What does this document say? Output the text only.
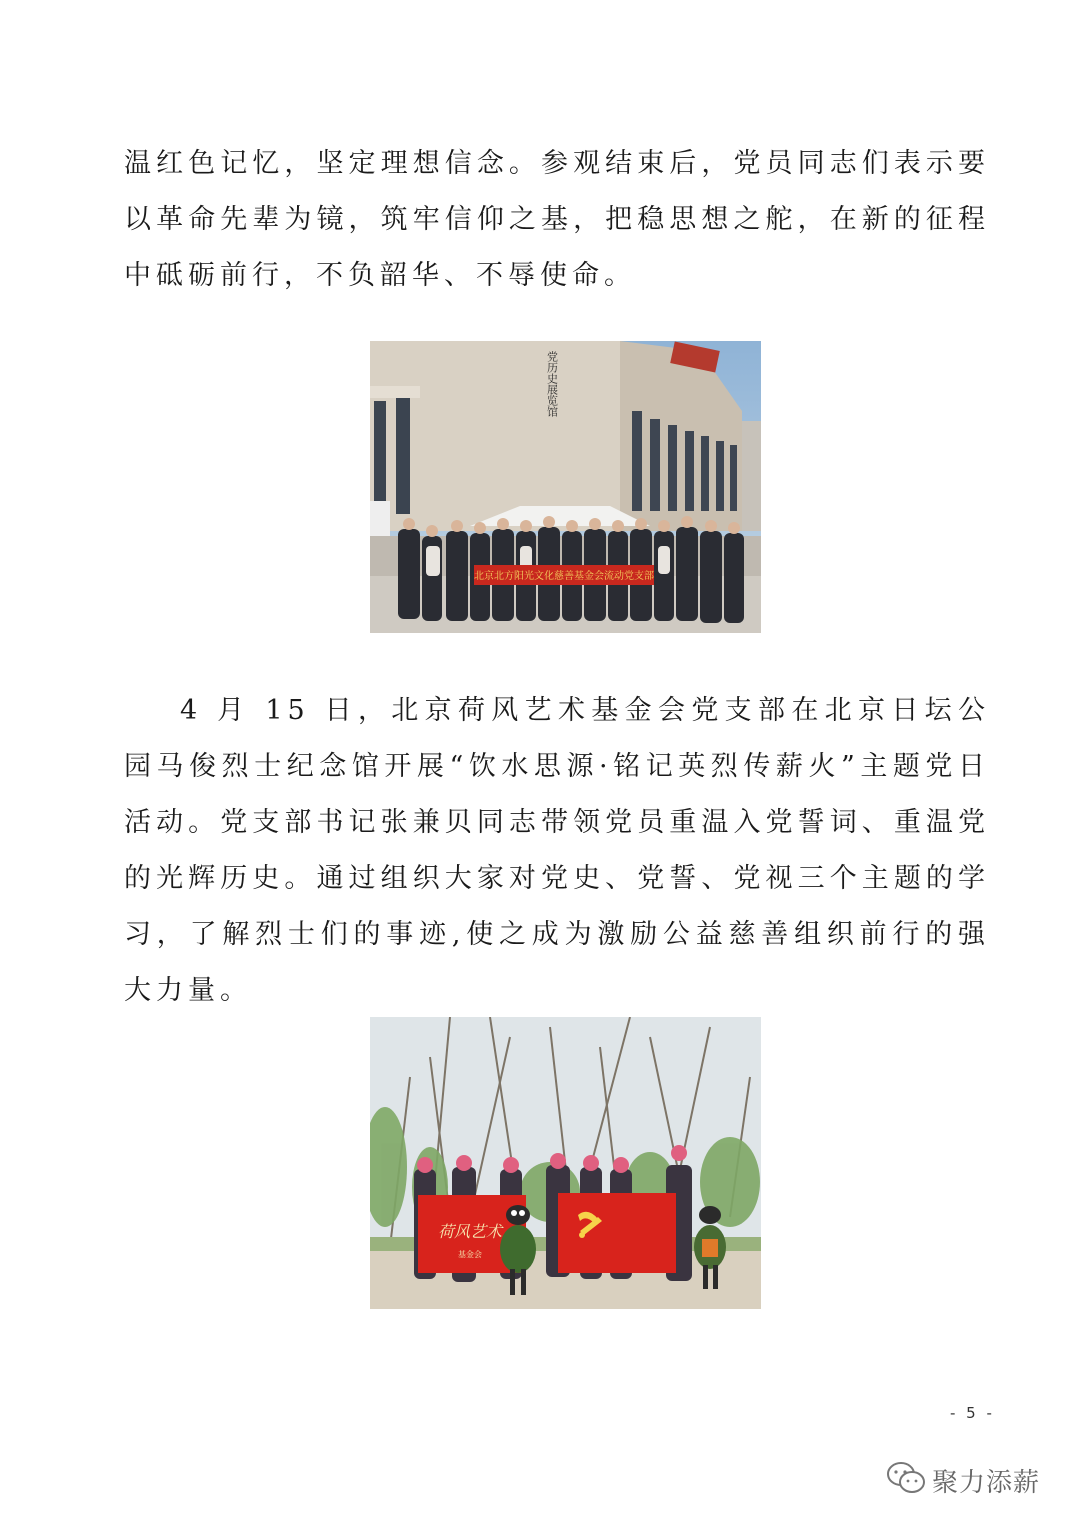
温红色记忆，坚定理想信念。参观结束后，党员同志们表示要以革命先辈为镜，筑牢信仰之基，把稳思想之舵，在新的征程中砥砺前行，不负韶华、不辱使命。

党历史展览馆
北京北方阳光文化慈善基金会流动党支部

4 月 15 日，北京荷风艺术基金会党支部在北京日坛公园马俊烈士纪念馆开展“饮水思源·铭记英烈传薪火”主题党日活动。党支部书记张兼贝同志带领党员重温入党誓词、重温党的光辉历史。通过组织大家对党史、党誓、党视三个主题的学习，了解烈士们的事迹,使之成为激励公益慈善组织前行的强大力量。

荷风艺术
基金会
- 5 -
聚力添薪
